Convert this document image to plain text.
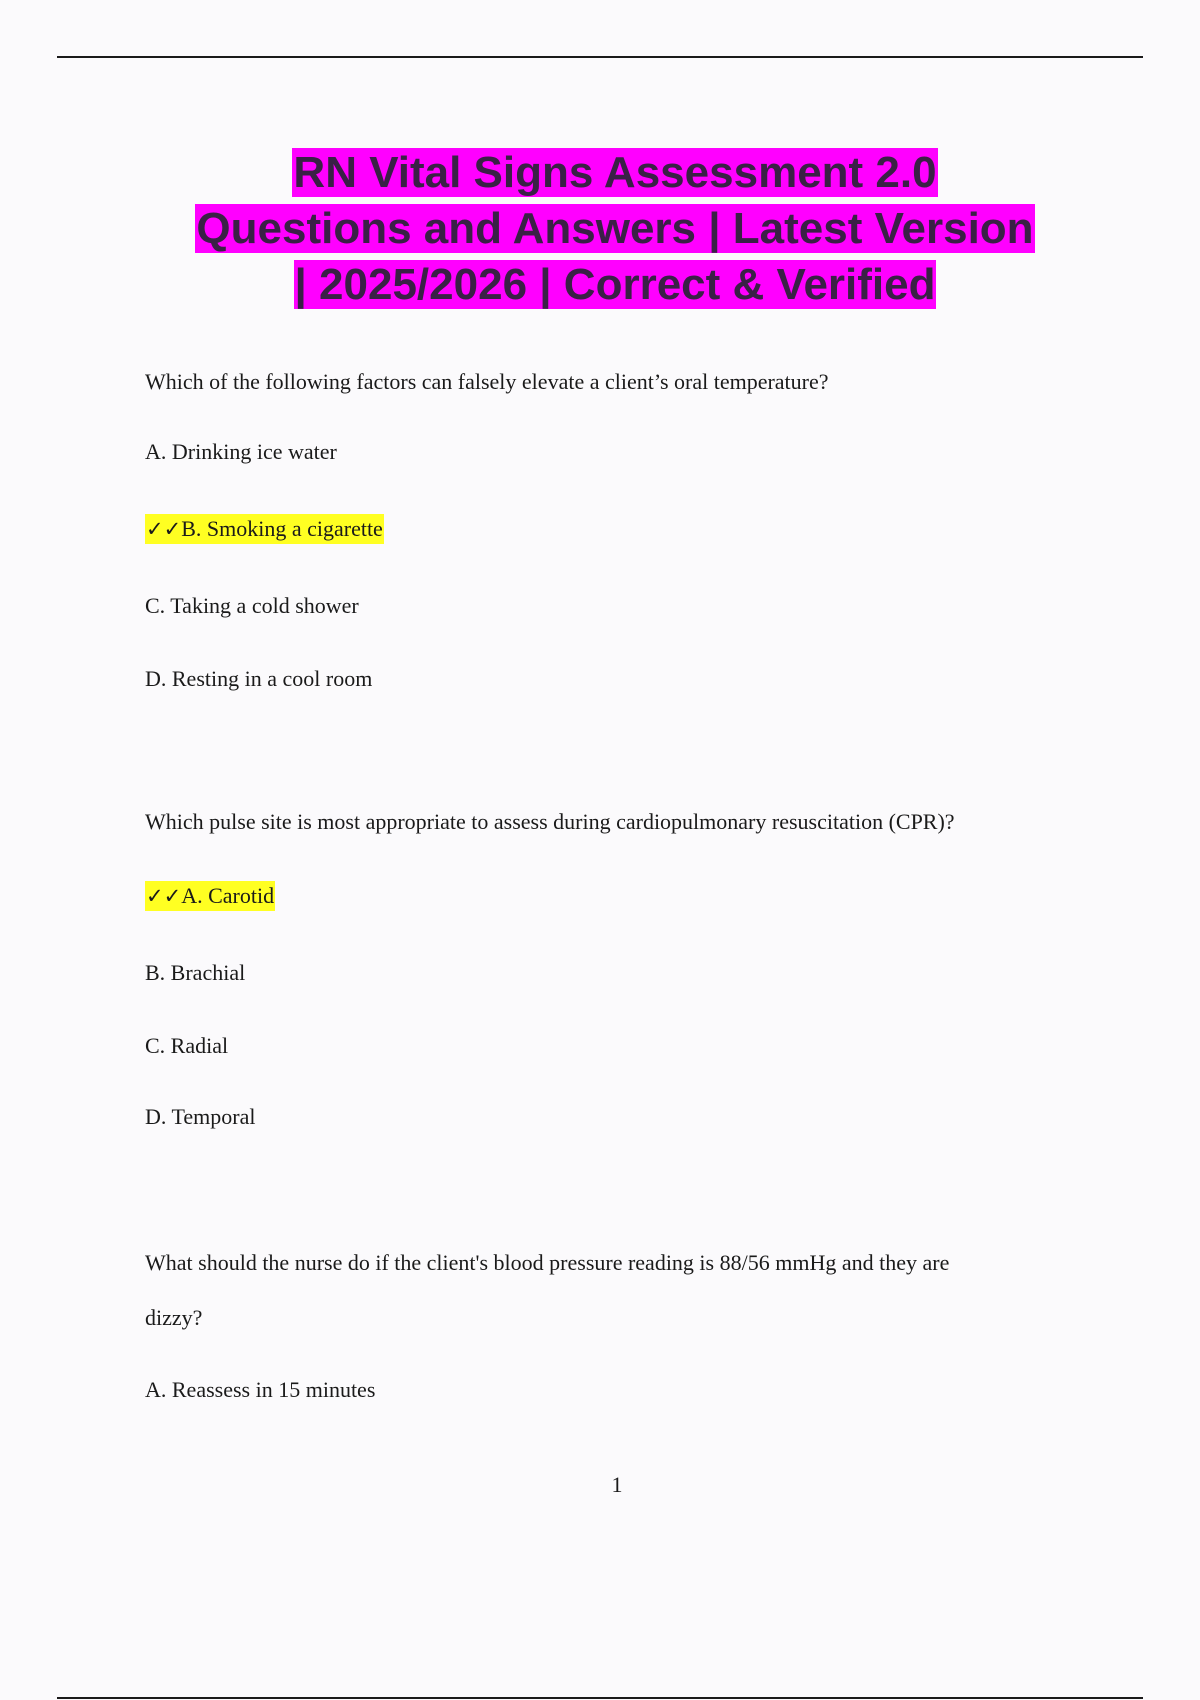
RN Vital Signs Assessment 2.0
Questions and Answers | Latest Version
| 2025/2026 | Correct & Verified
Which of the following factors can falsely elevate a client’s oral temperature?
A. Drinking ice water
✓✓B. Smoking a cigarette
C. Taking a cold shower
D. Resting in a cool room
Which pulse site is most appropriate to assess during cardiopulmonary resuscitation (CPR)?
✓✓A. Carotid
B. Brachial
C. Radial
D. Temporal
What should the nurse do if the client's blood pressure reading is 88/56 mmHg and they are
dizzy?
A. Reassess in 15 minutes
1
